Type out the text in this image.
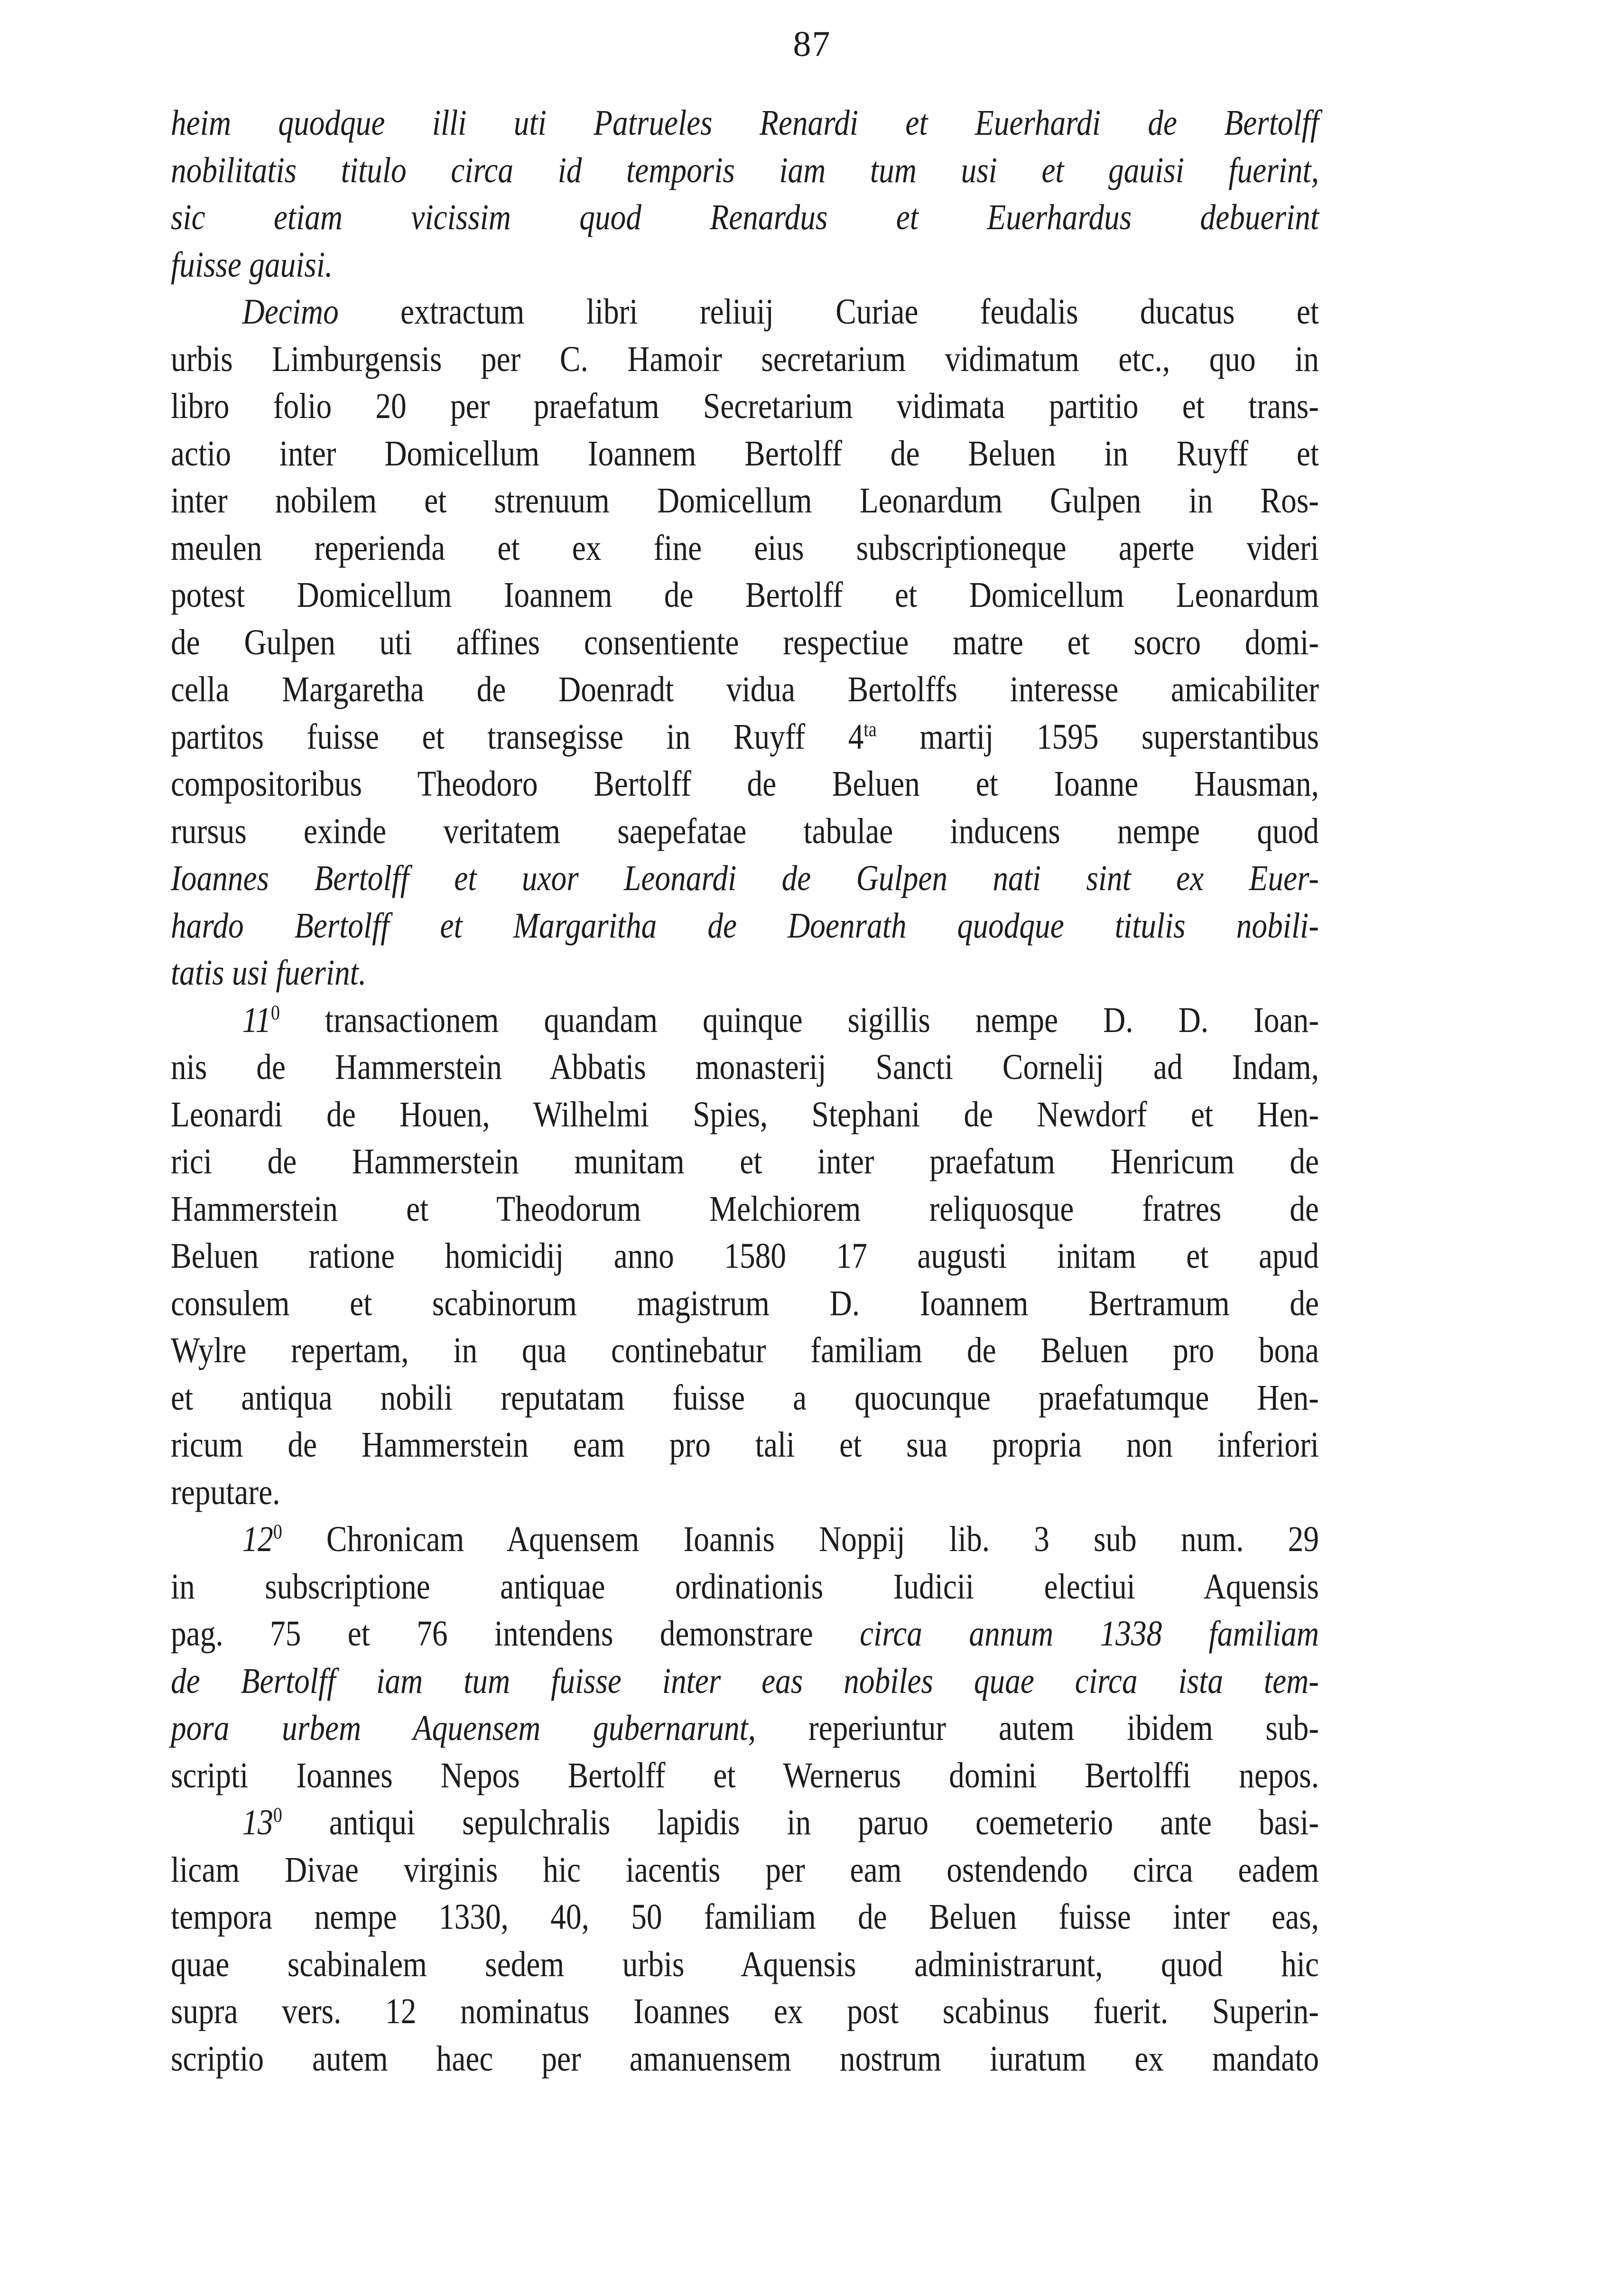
87
heim quodque illi uti Patrueles Renardi et Euerhardi de Bertolff
nobilitatis titulo circa id temporis iam tum usi et gauisi fuerint,
sic etiam vicissim quod Renardus et Euerhardus debuerint
fuisse gauisi.
Decimo extractum libri reliuij Curiae feudalis ducatus et
urbis Limburgensis per C. Hamoir secretarium vidimatum etc., quo in
libro folio 20 per praefatum Secretarium vidimata partitio et trans-
actio inter Domicellum Ioannem Bertolff de Beluen in Ruyff et
inter nobilem et strenuum Domicellum Leonardum Gulpen in Ros-
meulen reperienda et ex fine eius subscriptioneque aperte videri
potest Domicellum Ioannem de Bertolff et Domicellum Leonardum
de Gulpen uti affines consentiente respectiue matre et socro domi-
cella Margaretha de Doenradt vidua Bertolffs interesse amicabiliter
partitos fuisse et transegisse in Ruyff $4^{ta}$ martij 1595 superstantibus
compositoribus Theodoro Bertolff de Beluen et Ioanne Hausman,
rursus exinde veritatem saepefatae tabulae inducens nempe quod
Ioannes Bertolff et uxor Leonardi de Gulpen nati sint ex Euer-
hardo Bertolff et Margaritha de Doenrath quodque titulis nobili-
tatis usi fuerint.
$11^0$ transactionem quandam quinque sigillis nempe D. D. Ioan-
nis de Hammerstein Abbatis monasterij Sancti Cornelij ad Indam,
Leonardi de Houen, Wilhelmi Spies, Stephani de Newdorf et Hen-
rici de Hammerstein munitam et inter praefatum Henricum de
Hammerstein et Theodorum Melchiorem reliquosque fratres de
Beluen ratione homicidij anno 1580 17 augusti initam et apud
consulem et scabinorum magistrum D. Ioannem Bertramum de
Wylre repertam, in qua continebatur familiam de Beluen pro bona
et antiqua nobili reputatam fuisse a quocunque praefatumque Hen-
ricum de Hammerstein eam pro tali et sua propria non inferiori
reputare.
$12^0$ Chronicam Aquensem Ioannis Noppij lib. 3 sub num. 29
in subscriptione antiquae ordinationis Iudicii electiui Aquensis
pag. 75 et 76 intendens demonstrare circa annum 1338 familiam
de Bertolff iam tum fuisse inter eas nobiles quae circa ista tem-
pora urbem Aquensem gubernarunt, reperiuntur autem ibidem sub-
scripti Ioannes Nepos Bertolff et Wernerus domini Bertolffi nepos.
$13^0$ antiqui sepulchralis lapidis in paruo coemeterio ante basi-
licam Divae virginis hic iacentis per eam ostendendo circa eadem
tempora nempe 1330, 40, 50 familiam de Beluen fuisse inter eas,
quae scabinalem sedem urbis Aquensis administrarunt, quod hic
supra vers. 12 nominatus Ioannes ex post scabinus fuerit. Superin-
scriptio autem haec per amanuensem nostrum iuratum ex mandato
